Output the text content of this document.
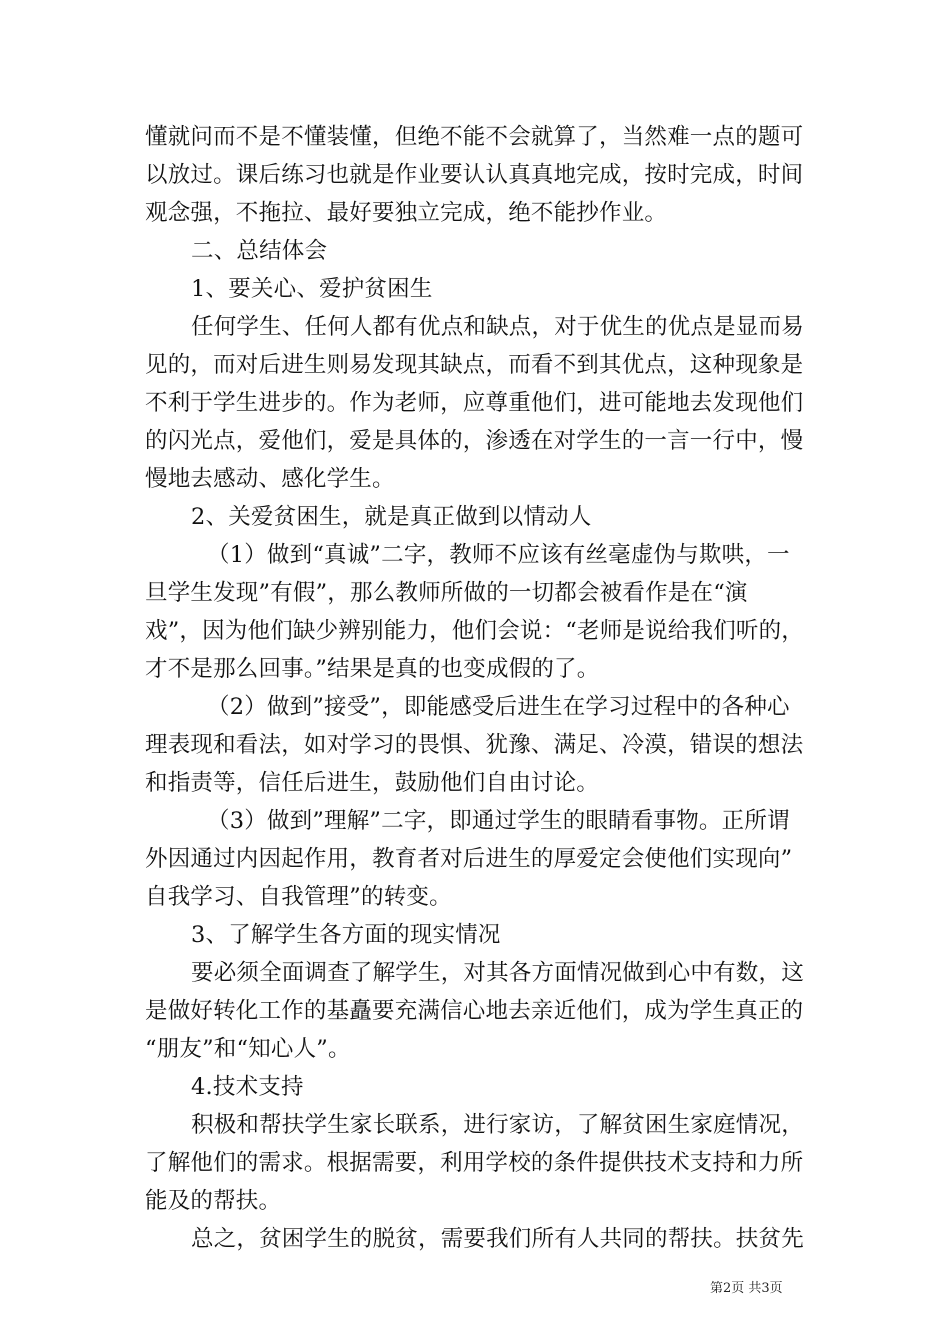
懂就问而不是不懂装懂，但绝不能不会就算了，当然难一点的题可
以放过。课后练习也就是作业要认认真真地完成，按时完成，时间
观念强，不拖拉、最好要独立完成，绝不能抄作业。
二、总结体会
1、要关心、爱护贫困生
任何学生、任何人都有优点和缺点，对于优生的优点是显而易
见的，而对后进生则易发现其缺点，而看不到其优点，这种现象是
不利于学生进步的。作为老师，应尊重他们，进可能地去发现他们
的闪光点，爱他们，爱是具体的，渗透在对学生的一言一行中，慢
慢地去感动、感化学生。
2、关爱贫困生，就是真正做到以情动人
（1）做到“真诚”二字，教师不应该有丝毫虚伪与欺哄，一
旦学生发现”有假”，那么教师所做的一切都会被看作是在“演
戏”，因为他们缺少辨别能力，他们会说：“老师是说给我们听的，
才不是那么回事。”结果是真的也变成假的了。
（2）做到”接受”，即能感受后进生在学习过程中的各种心
理表现和看法，如对学习的畏惧、犹豫、满足、冷漠，错误的想法
和指责等，信任后进生，鼓励他们自由讨论。
（3）做到”理解”二字，即通过学生的眼睛看事物。正所谓
外因通过内因起作用，教育者对后进生的厚爱定会使他们实现向”
自我学习、自我管理”的转变。
3、了解学生各方面的现实情况
要必须全面调查了解学生，对其各方面情况做到心中有数，这
是做好转化工作的基矗要充满信心地去亲近他们，成为学生真正的
“朋友”和“知心人”。
4.技术支持
积极和帮扶学生家长联系，进行家访，了解贫困生家庭情况，
了解他们的需求。根据需要，利用学校的条件提供技术支持和力所
能及的帮扶。
总之，贫困学生的脱贫，需要我们所有人共同的帮扶。扶贫先
第2页 共3页
